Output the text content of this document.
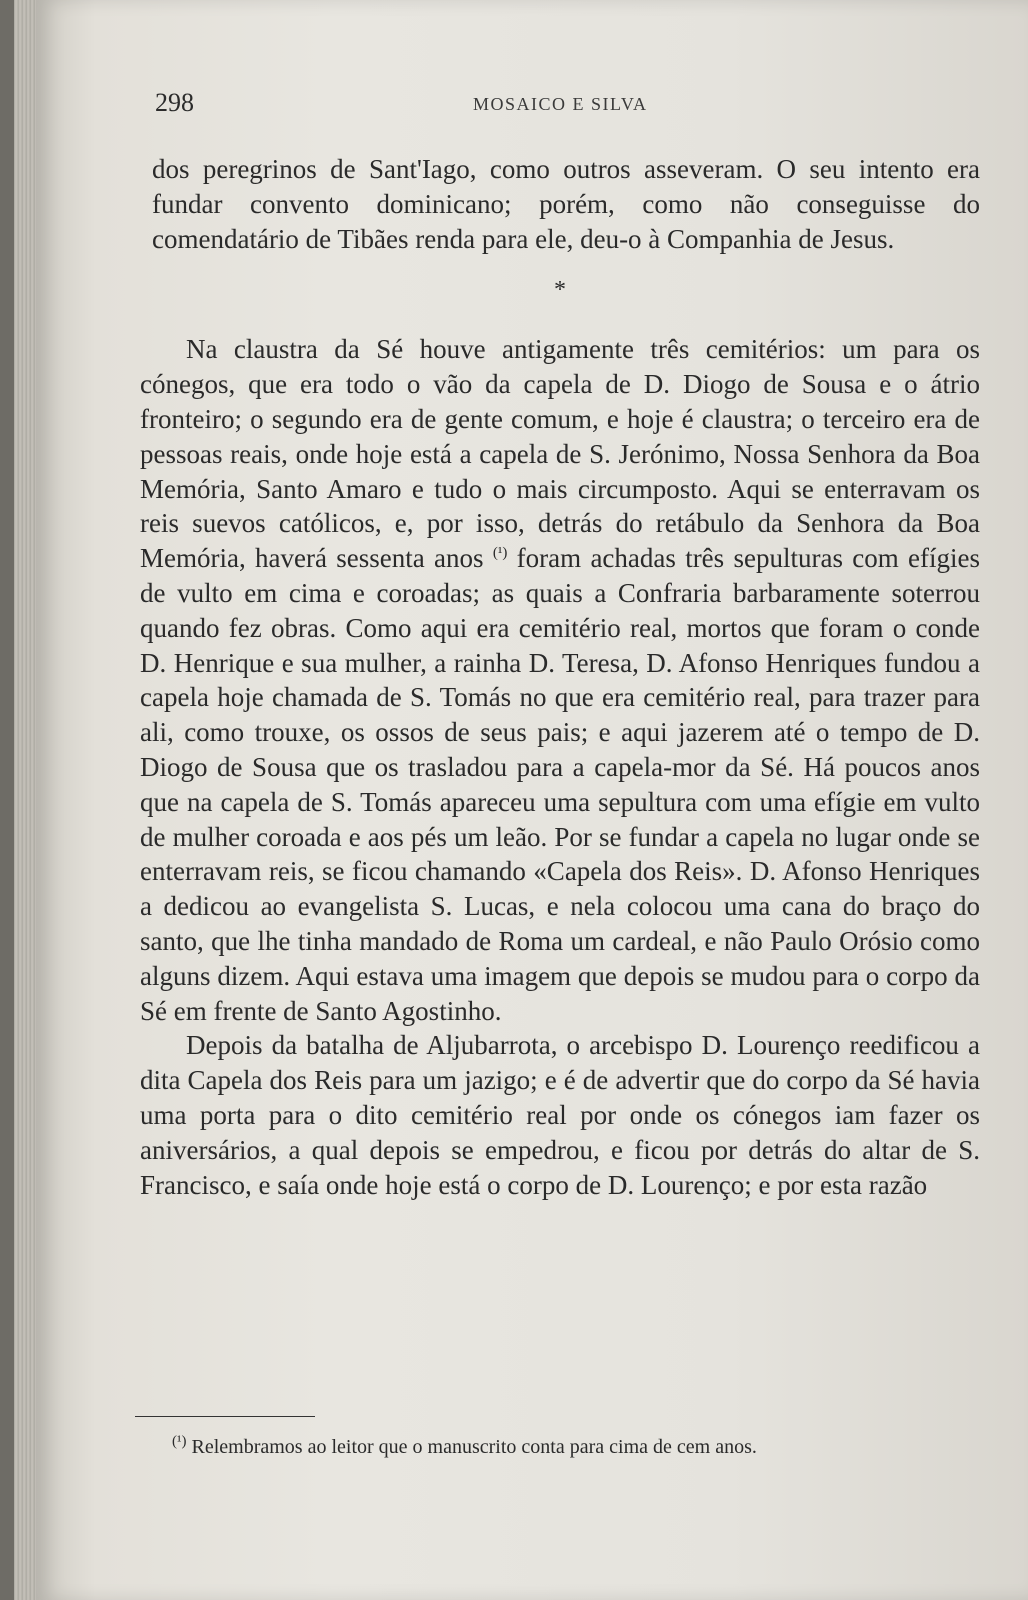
298	MOSAICO E SILVA

dos peregrinos de Sant'Iago, como outros asseveram. O seu intento era fundar convento dominicano; porém, como não conseguisse do comendatário de Tibães renda para ele, deu-o à Companhia de Jesus.

*

Na claustra da Sé houve antigamente três cemitérios: um para os cónegos, que era todo o vão da capela de D. Diogo de Sousa e o átrio fronteiro; o segundo era de gente comum, e hoje é claustra; o terceiro era de pessoas reais, onde hoje está a capela de S. Jerónimo, Nossa Senhora da Boa Memória, Santo Amaro e tudo o mais circumposto. Aqui se enterravam os reis suevos católicos, e, por isso, detrás do retábulo da Senhora da Boa Memória, haverá sessenta anos $^{(^1)}$ foram achadas três sepulturas com efígies de vulto em cima e coroadas; as quais a Confraria barbaramente soterrou quando fez obras. Como aqui era cemitério real, mortos que foram o conde D. Henrique e sua mulher, a rainha D. Teresa, D. Afonso Henriques fundou a capela hoje chamada de S. Tomás no que era cemitério real, para trazer para ali, como trouxe, os ossos de seus pais; e aqui jazerem até o tempo de D. Diogo de Sousa que os trasladou para a capela-mor da Sé. Há poucos anos que na capela de S. Tomás apareceu uma sepultura com uma efígie em vulto de mulher coroada e aos pés um leão. Por se fundar a capela no lugar onde se enterravam reis, se ficou chamando «Capela dos Reis». D. Afonso Henriques a dedicou ao evangelista S. Lucas, e nela colocou uma cana do braço do santo, que lhe tinha mandado de Roma um cardeal, e não Paulo Orósio como alguns dizem. Aqui estava uma imagem que depois se mudou para o corpo da Sé em frente de Santo Agostinho.

Depois da batalha de Aljubarrota, o arcebispo D. Lourenço reedificou a dita Capela dos Reis para um jazigo; e é de advertir que do corpo da Sé havia uma porta para o dito cemitério real por onde os cónegos iam fazer os aniversários, a qual depois se empedrou, e ficou por detrás do altar de S. Francisco, e saía onde hoje está o corpo de D. Lourenço; e por esta razão

$^{(^1)}$ Relembramos ao leitor que o manuscrito conta para cima de cem anos.
